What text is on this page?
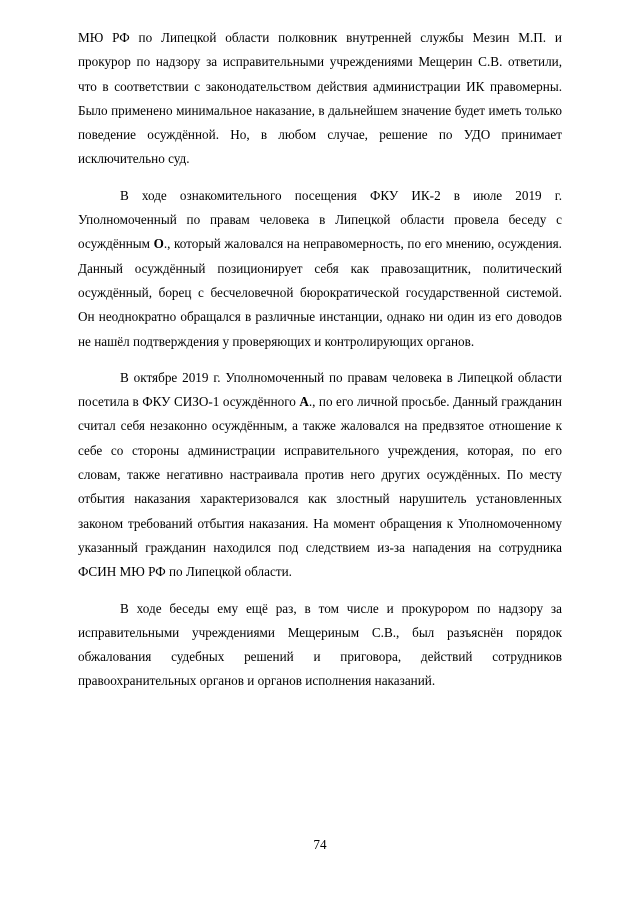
МЮ РФ по Липецкой области полковник внутренней службы Мезин М.П. и прокурор по надзору за исправительными учреждениями Мещерин С.В. ответили, что в соответствии с законодательством действия администрации ИК правомерны. Было применено минимальное наказание, в дальнейшем значение будет иметь только поведение осуждённой. Но, в любом случае, решение по УДО принимает исключительно суд.

В ходе ознакомительного посещения ФКУ ИК-2 в июле 2019 г. Уполномоченный по правам человека в Липецкой области провела беседу с осуждённым О., который жаловался на неправомерность, по его мнению, осуждения. Данный осуждённый позиционирует себя как правозащитник, политический осуждённый, борец с бесчеловечной бюрократической государственной системой. Он неоднократно обращался в различные инстанции, однако ни один из его доводов не нашёл подтверждения у проверяющих и контролирующих органов.

В октябре 2019 г. Уполномоченный по правам человека в Липецкой области посетила в ФКУ СИЗО-1 осуждённого А., по его личной просьбе. Данный гражданин считал себя незаконно осуждённым, а также жаловался на предвзятое отношение к себе со стороны администрации исправительного учреждения, которая, по его словам, также негативно настраивала против него других осуждённых. По месту отбытия наказания характеризовался как злостный нарушитель установленных законом требований отбытия наказания. На момент обращения к Уполномоченному указанный гражданин находился под следствием из-за нападения на сотрудника ФСИН МЮ РФ по Липецкой области.

В ходе беседы ему ещё раз, в том числе и прокурором по надзору за исправительными учреждениями Мещериным С.В., был разъяснён порядок обжалования судебных решений и приговора, действий сотрудников правоохранительных органов и органов исполнения наказаний.

74
